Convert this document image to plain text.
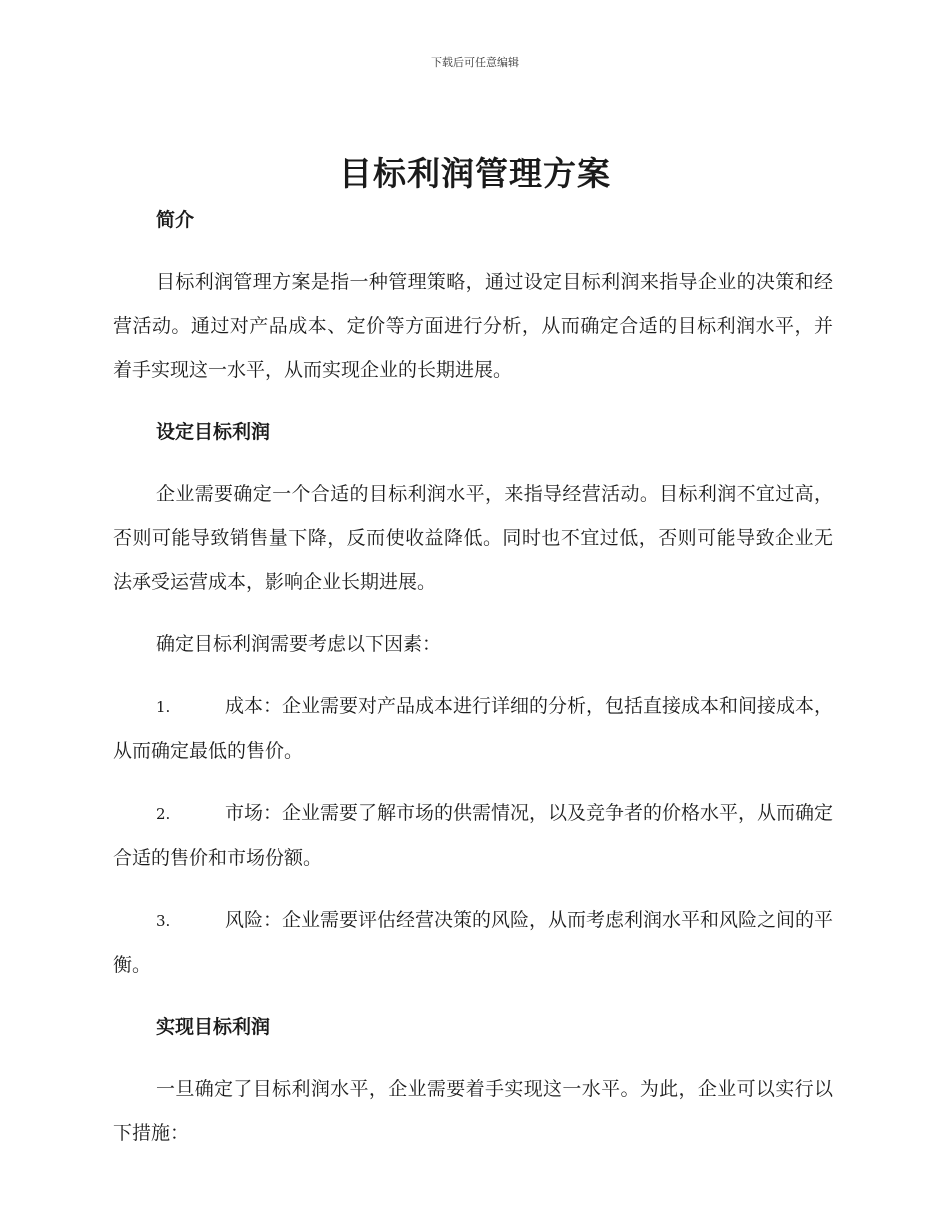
下载后可任意编辑
目标利润管理方案
简介

目标利润管理方案是指一种管理策略，通过设定目标利润来指导企业的决策和经营活动。通过对产品成本、定价等方面进行分析，从而确定合适的目标利润水平，并着手实现这一水平，从而实现企业的长期进展。

设定目标利润

企业需要确定一个合适的目标利润水平，来指导经营活动。目标利润不宜过高，否则可能导致销售量下降，反而使收益降低。同时也不宜过低，否则可能导致企业无法承受运营成本，影响企业长期进展。

确定目标利润需要考虑以下因素：

1.	成本：企业需要对产品成本进行详细的分析，包括直接成本和间接成本，从而确定最低的售价。

2.	市场：企业需要了解市场的供需情况，以及竞争者的价格水平，从而确定合适的售价和市场份额。

3.	风险：企业需要评估经营决策的风险，从而考虑利润水平和风险之间的平衡。

实现目标利润

一旦确定了目标利润水平，企业需要着手实现这一水平。为此，企业可以实行以下措施：
